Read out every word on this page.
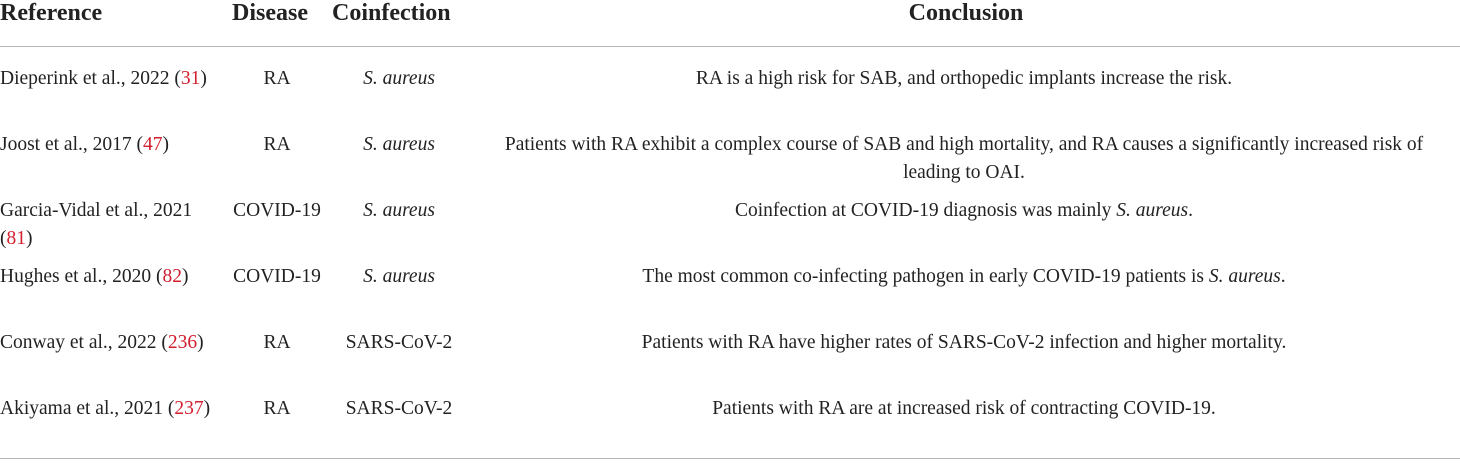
Reference	Disease	Coinfection	Conclusion
Dieperink et al., 2022 (31)	RA	S. aureus	RA is a high risk for SAB, and orthopedic implants increase the risk.
Joost et al., 2017 (47)	RA	S. aureus	Patients with RA exhibit a complex course of SAB and high mortality, and RA causes a significantly increased risk of leading to OAI.
Garcia-Vidal et al., 2021 (81)	COVID-19	S. aureus	Coinfection at COVID-19 diagnosis was mainly S. aureus.
Hughes et al., 2020 (82)	COVID-19	S. aureus	The most common co-infecting pathogen in early COVID-19 patients is S. aureus.
Conway et al., 2022 (236)	RA	SARS-CoV-2	Patients with RA have higher rates of SARS-CoV-2 infection and higher mortality.
Akiyama et al., 2021 (237)	RA	SARS-CoV-2	Patients with RA are at increased risk of contracting COVID-19.
